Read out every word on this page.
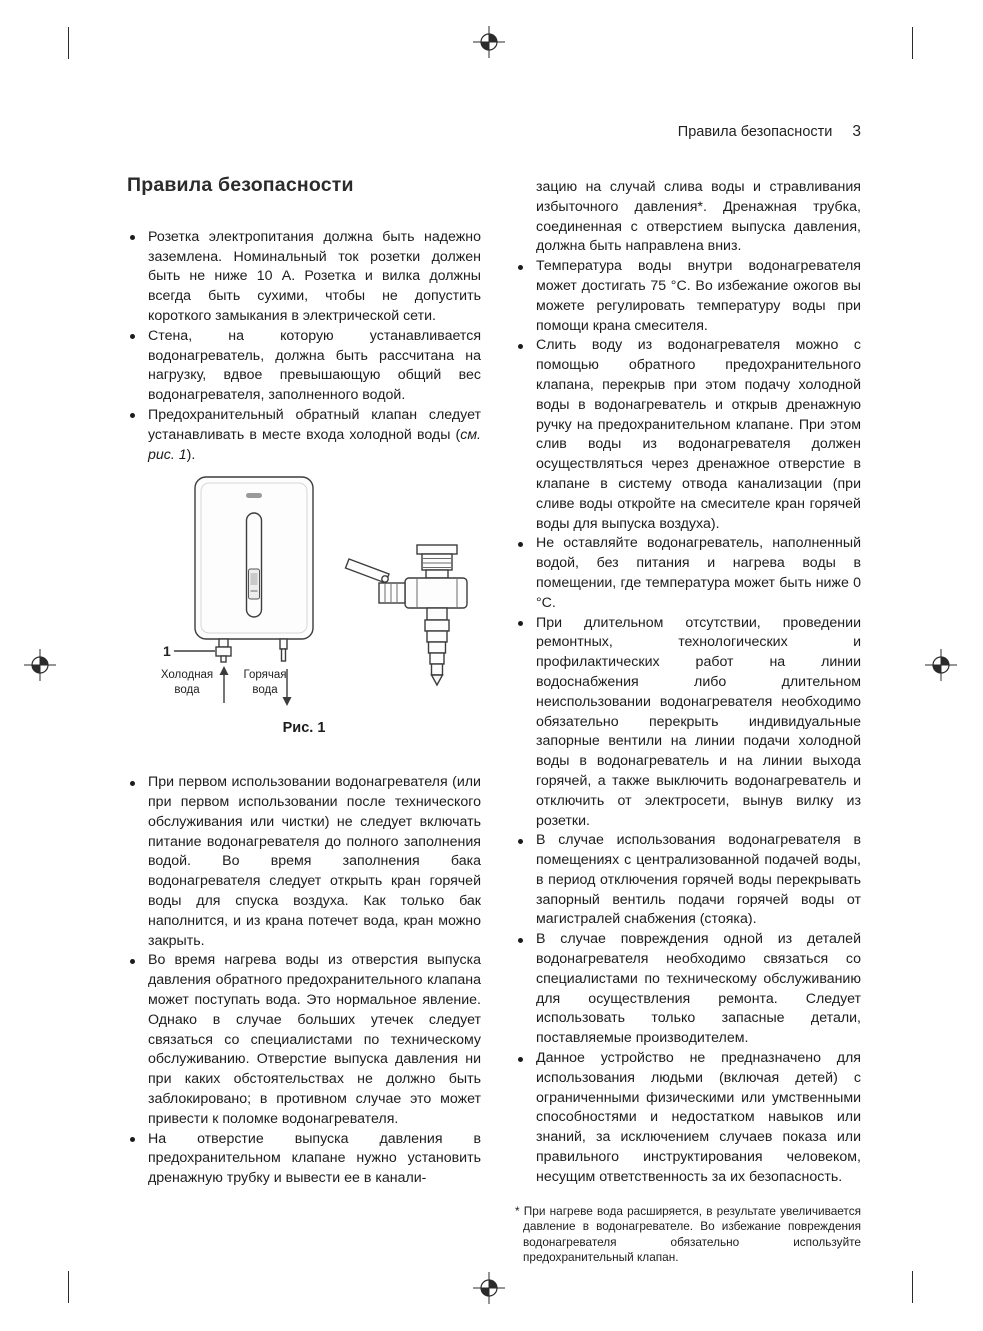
Правила безопасности 3
Правила безопасности
Розетка электропитания должна быть надежно заземлена. Номинальный ток розетки должен быть не ниже 10 А. Розетка и вилка должны всегда быть сухими, чтобы не допустить короткого замыкания в электрической сети.
Стена, на которую устанавливается водонагреватель, должна быть рассчитана на нагрузку, вдвое превышающую общий вес водонагревателя, заполненного водой.
Предохранительный обратный клапан следует устанавливать в месте входа холодной воды (см. рис. 1).
1
Холодная
вода
Горячая
вода
Рис. 1
При первом использовании водонагревателя (или при первом использовании после технического обслуживания или чистки) не следует включать питание водонагревателя до полного заполнения водой. Во время заполнения бака водонагревателя следует открыть кран горячей воды для спуска воздуха. Как только бак наполнится, и из крана потечет вода, кран можно закрыть.
Во время нагрева воды из отверстия выпуска давления обратного предохранительного клапана может поступать вода. Это нормальное явление. Однако в случае больших утечек следует связаться со специалистами по техническому обслуживанию. Отверстие выпуска давления ни при каких обстоятельствах не должно быть заблокировано; в противном случае это может привести к поломке водонагревателя.
На отверстие выпуска давления в предохранительном клапане нужно установить дренажную трубку и вывести ее в канали-

зацию на случай слива воды и стравливания избыточного давления*. Дренажная трубка, соединенная с отверстием выпуска давления, должна быть направлена вниз.

Температура воды внутри водонагревателя может достигать 75 °C. Во избежание ожогов вы можете регулировать температуру воды при помощи крана смесителя.
Слить воду из водонагревателя можно с помощью обратного предохранительного клапана, перекрыв при этом подачу холодной воды в водонагреватель и открыв дренажную ручку на предохранительном клапане. При этом слив воды из водонагревателя должен осуществляться через дренажное отверстие в клапане в систему отвода канализации (при сливе воды откройте на смесителе кран горячей воды для выпуска воздуха).
Не оставляйте водонагреватель, наполненный водой, без питания и нагрева воды в помещении, где температура может быть ниже 0 °C.
При длительном отсутствии, проведении ремонтных, технологических и профилактических работ на линии водоснабжения либо длительном неиспользовании водонагревателя необходимо обязательно перекрыть индивидуальные запорные вентили на линии подачи холодной воды в водонагреватель и на линии выхода горячей, а также выключить водонагреватель и отключить от электросети, вынув вилку из розетки.
В случае использования водонагревателя в помещениях с централизованной подачей воды, в период отключения горячей воды перекрывать запорный вентиль подачи горячей воды от магистралей снабжения (стояка).
В случае повреждения одной из деталей водонагревателя необходимо связаться со специалистами по техническому обслуживанию для осуществления ремонта. Следует использовать только запасные детали, поставляемые производителем.
Данное устройство не предназначено для использования людьми (включая детей) с ограниченными физическими или умственными способностями и недостатком навыков или знаний, за исключением случаев показа или правильного инструктирования человеком, несущим ответственность за их безопасность.

* При нагреве вода расширяется, в результате увеличивается давление в водонагревателе. Во избежание повреждения водонагревателя обязательно используйте предохранительный клапан.
